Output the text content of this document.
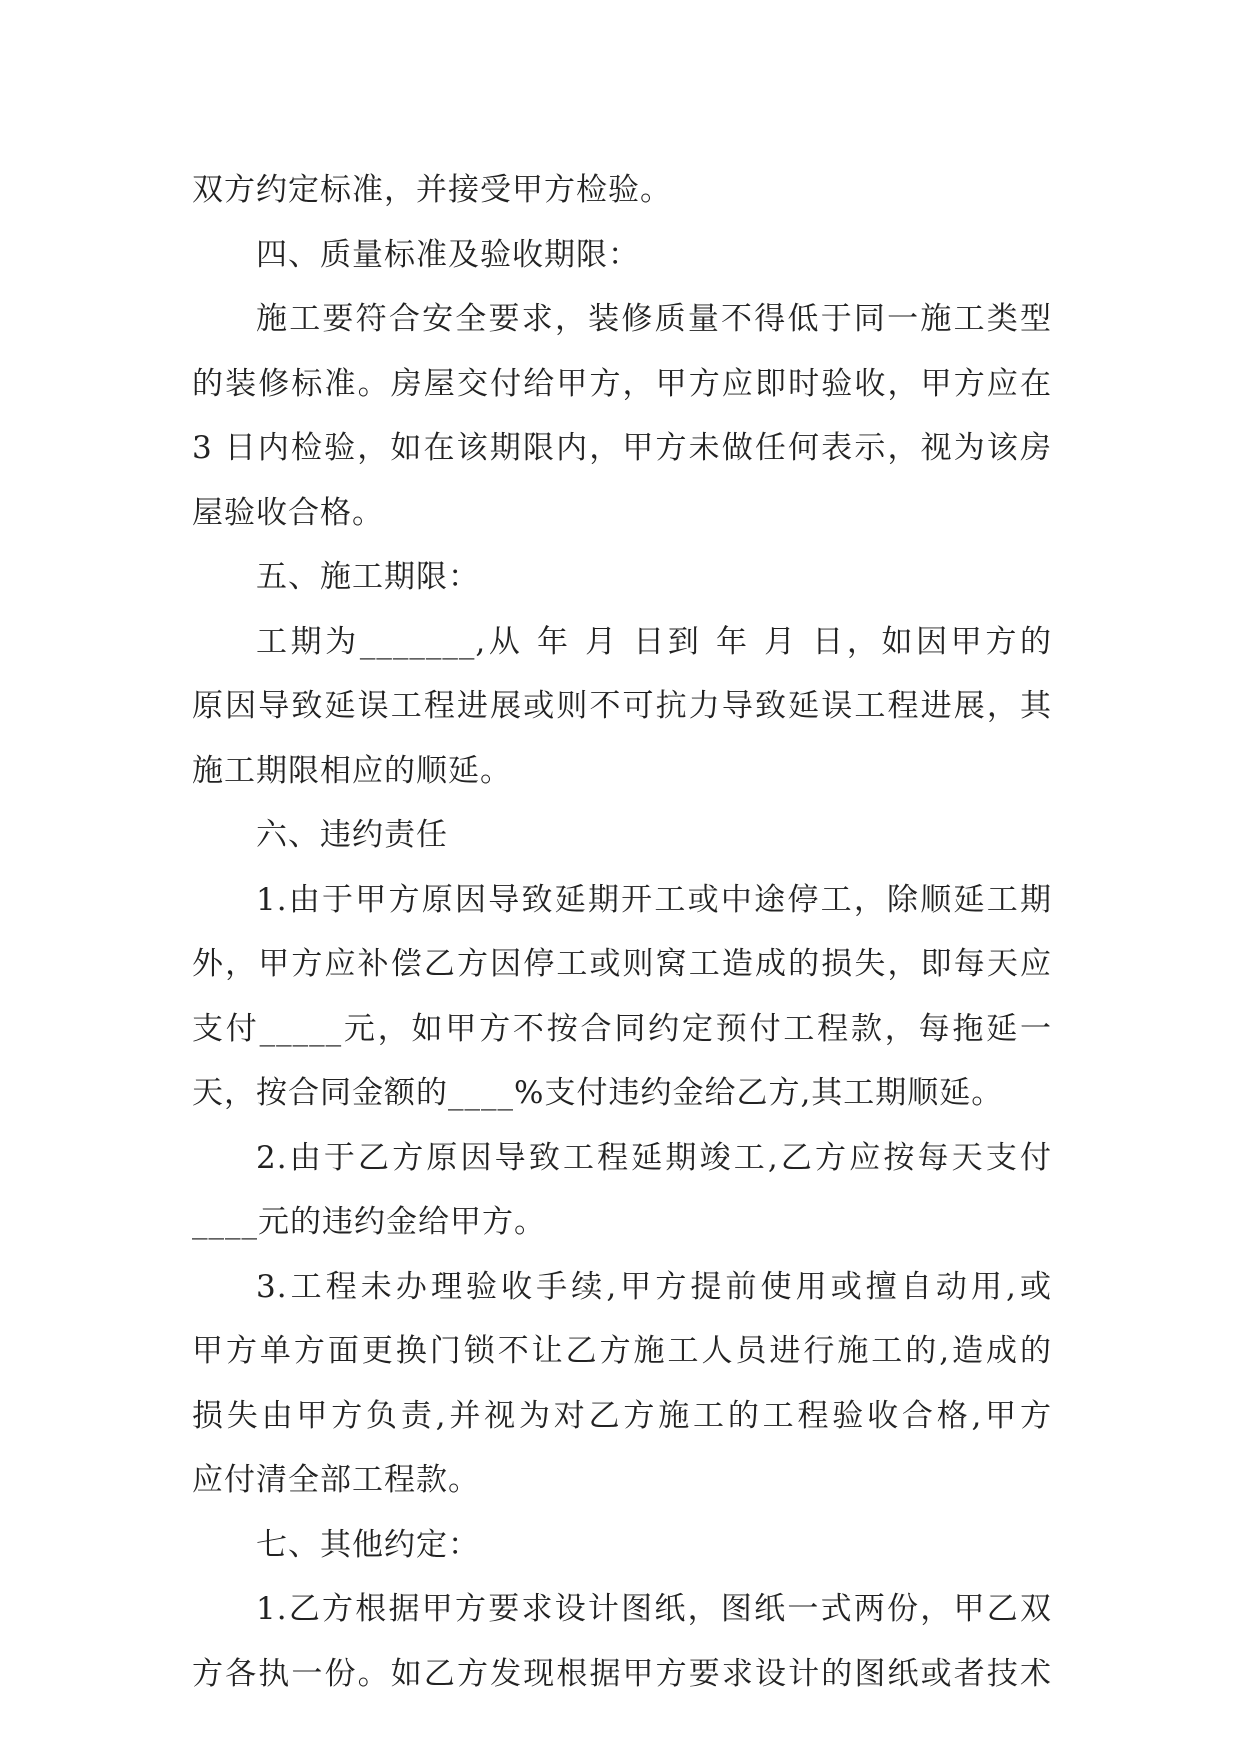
双方约定标准，并接受甲方检验。
四、质量标准及验收期限：
施工要符合安全要求，装修质量不得低于同一施工类型
的装修标准。房屋交付给甲方，甲方应即时验收，甲方应在
3 日内检验，如在该期限内，甲方未做任何表示，视为该房
屋验收合格。
五、施工期限：
工期为_______,从 年 月 日到 年 月 日，如因甲方的
原因导致延误工程进展或则不可抗力导致延误工程进展，其
施工期限相应的顺延。
六、违约责任
1.由于甲方原因导致延期开工或中途停工，除顺延工期
外，甲方应补偿乙方因停工或则窝工造成的损失，即每天应
支付_____元，如甲方不按合同约定预付工程款，每拖延一
天，按合同金额的____%支付违约金给乙方,其工期顺延。
2.由于乙方原因导致工程延期竣工,乙方应按每天支付
____元的违约金给甲方。
3.工程未办理验收手续,甲方提前使用或擅自动用,或
甲方单方面更换门锁不让乙方施工人员进行施工的,造成的
损失由甲方负责,并视为对乙方施工的工程验收合格,甲方
应付清全部工程款。
七、其他约定：
1.乙方根据甲方要求设计图纸，图纸一式两份，甲乙双
方各执一份。如乙方发现根据甲方要求设计的图纸或者技术
